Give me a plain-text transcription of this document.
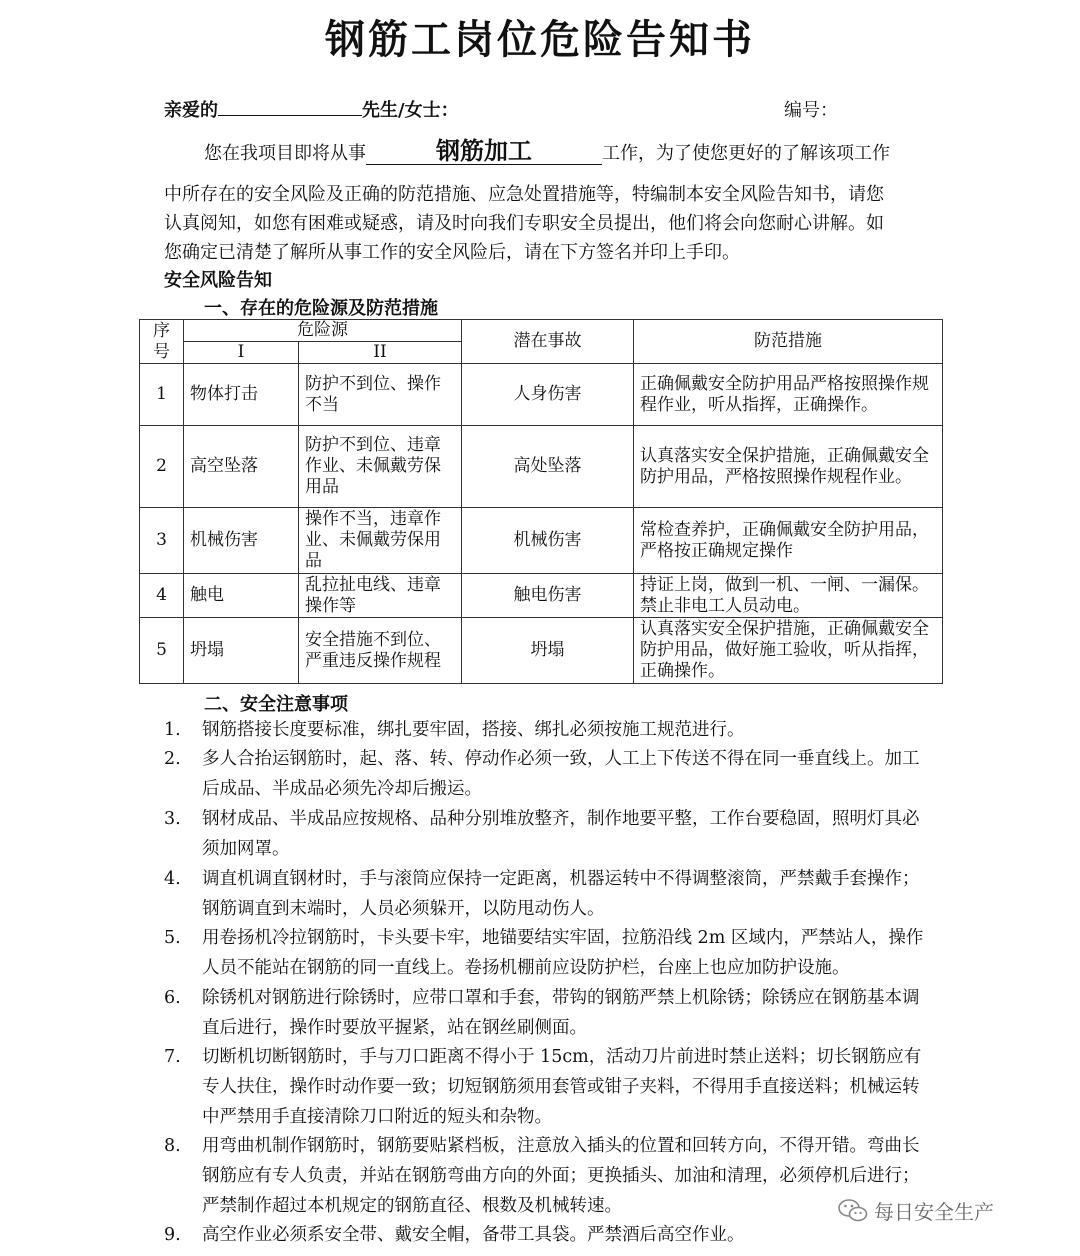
钢筋工岗位危险告知书
亲爱的	先生/女士：	编号：
您在我项目即将从事	钢筋加工	工作，为了使您更好的了解该项工作
中所存在的安全风险及正确的防范措施、应急处置措施等，特编制本安全风险告知书，请您
认真阅知，如您有困难或疑惑，请及时向我们专职安全员提出，他们将会向您耐心讲解。如
您确定已清楚了解所从事工作的安全风险后，请在下方签名并印上手印。
安全风险告知
一、存在的危险源及防范措施
序
号	危险源		潜在事故	防范措施
	I	II		
1	物体打击	防护不到位、操作不当	人身伤害	正确佩戴安全防护用品严格按照操作规程作业，听从指挥，正确操作。
2	高空坠落	防护不到位、违章作业、未佩戴劳保用品	高处坠落	认真落实安全保护措施，正确佩戴安全防护用品，严格按照操作规程作业。
3	机械伤害	操作不当，违章作业、未佩戴劳保用品	机械伤害	常检查养护，正确佩戴安全防护用品，严格按正确规定操作
4	触电	乱拉扯电线、违章操作等	触电伤害	持证上岗，做到一机、一闸、一漏保。禁止非电工人员动电。
5	坍塌	安全措施不到位、严重违反操作规程	坍塌	认真落实安全保护措施，正确佩戴安全防护用品，做好施工验收，听从指挥，正确操作。
二、安全注意事项
1. 钢筋搭接长度要标准，绑扎要牢固，搭接、绑扎必须按施工规范进行。
2. 多人合抬运钢筋时，起、落、转、停动作必须一致，人工上下传送不得在同一垂直线上。加工后成品、半成品必须先冷却后搬运。
3. 钢材成品、半成品应按规格、品种分别堆放整齐，制作地要平整，工作台要稳固，照明灯具必须加网罩。
4. 调直机调直钢材时，手与滚筒应保持一定距离，机器运转中不得调整滚筒，严禁戴手套操作；钢筋调直到末端时，人员必须躲开，以防甩动伤人。
5. 用卷扬机冷拉钢筋时，卡头要卡牢，地锚要结实牢固，拉筋沿线 2m 区域内，严禁站人，操作人员不能站在钢筋的同一直线上。卷扬机棚前应设防护栏，台座上也应加防护设施。
6. 除锈机对钢筋进行除锈时，应带口罩和手套，带钩的钢筋严禁上机除锈；除锈应在钢筋基本调直后进行，操作时要放平握紧，站在钢丝刷侧面。
7. 切断机切断钢筋时，手与刀口距离不得小于 15cm，活动刀片前进时禁止送料；切长钢筋应有专人扶住，操作时动作要一致；切短钢筋须用套管或钳子夹料，不得用手直接送料；机械运转中严禁用手直接清除刀口附近的短头和杂物。
8. 用弯曲机制作钢筋时，钢筋要贴紧档板，注意放入插头的位置和回转方向，不得开错。弯曲长钢筋应有专人负责，并站在钢筋弯曲方向的外面；更换插头、加油和清理，必须停机后进行；严禁制作超过本机规定的钢筋直径、根数及机械转速。
9. 高空作业必须系安全带、戴安全帽，备带工具袋。严禁酒后高空作业。
每日安全生产
